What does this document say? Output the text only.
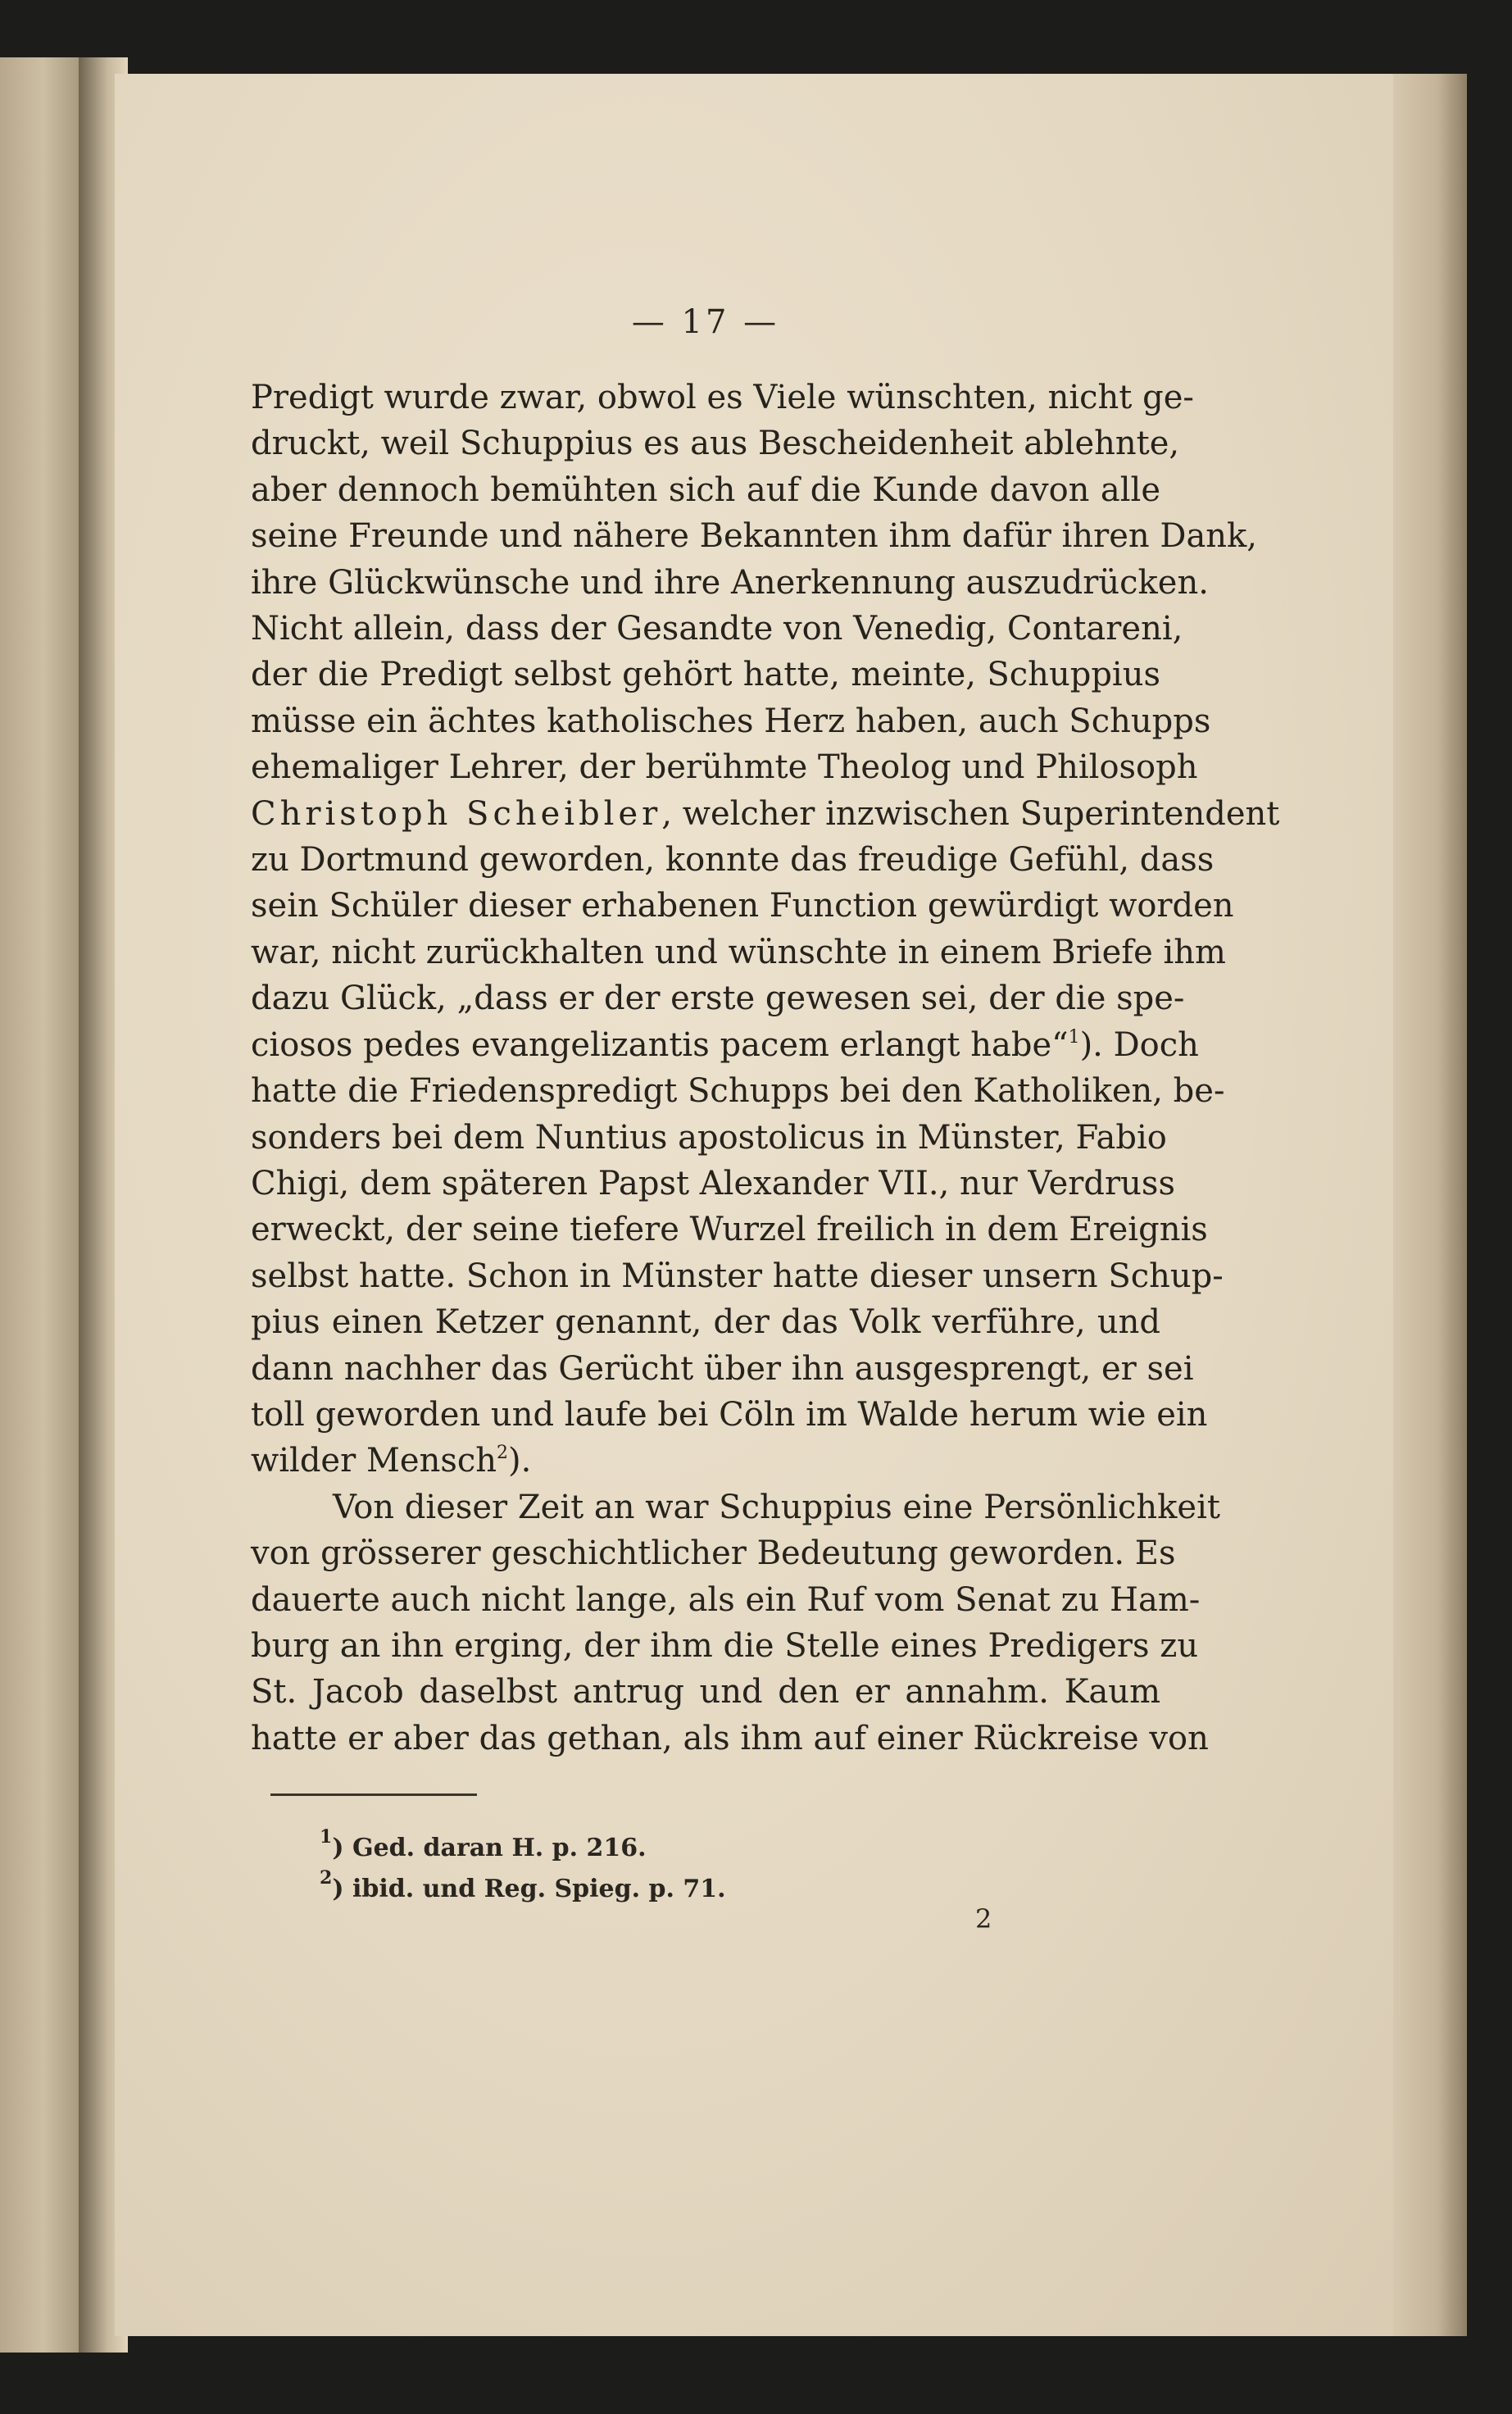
— 17 —
Predigt wurde zwar, obwol es Viele wünschten, nicht ge-
druckt, weil Schuppius es aus Bescheidenheit ablehnte,
aber dennoch bemühten sich auf die Kunde davon alle
seine Freunde und nähere Bekannten ihm dafür ihren Dank,
ihre Glückwünsche und ihre Anerkennung auszudrücken.
Nicht allein, dass der Gesandte von Venedig, Contareni,
der die Predigt selbst gehört hatte, meinte, Schuppius
müsse ein ächtes katholisches Herz haben, auch Schupps
ehemaliger Lehrer, der berühmte Theolog und Philosoph
Christoph Scheibler, welcher inzwischen Superintendent
zu Dortmund geworden, konnte das freudige Gefühl, dass
sein Schüler dieser erhabenen Function gewürdigt worden
war, nicht zurückhalten und wünschte in einem Briefe ihm
dazu Glück, „dass er der erste gewesen sei, der die spe-
ciosos pedes evangelizantis pacem erlangt habe“$^1$). Doch
hatte die Friedenspredigt Schupps bei den Katholiken, be-
sonders bei dem Nuntius apostolicus in Münster, Fabio
Chigi, dem späteren Papst Alexander VII., nur Verdruss
erweckt, der seine tiefere Wurzel freilich in dem Ereignis
selbst hatte. Schon in Münster hatte dieser unsern Schup-
pius einen Ketzer genannt, der das Volk verführe, und
dann nachher das Gerücht über ihn ausgesprengt, er sei
toll geworden und laufe bei Cöln im Walde herum wie ein
wilder Mensch$^2$).
Von dieser Zeit an war Schuppius eine Persönlichkeit
von grösserer geschichtlicher Bedeutung geworden. Es
dauerte auch nicht lange, als ein Ruf vom Senat zu Ham-
burg an ihn erging, der ihm die Stelle eines Predigers zu
St. Jacob daselbst antrug und den er annahm. Kaum
hatte er aber das gethan, als ihm auf einer Rückreise von
$^1$) Ged. daran H. p. 216.
$^2$) ibid. und Reg. Spieg. p. 71.
2
